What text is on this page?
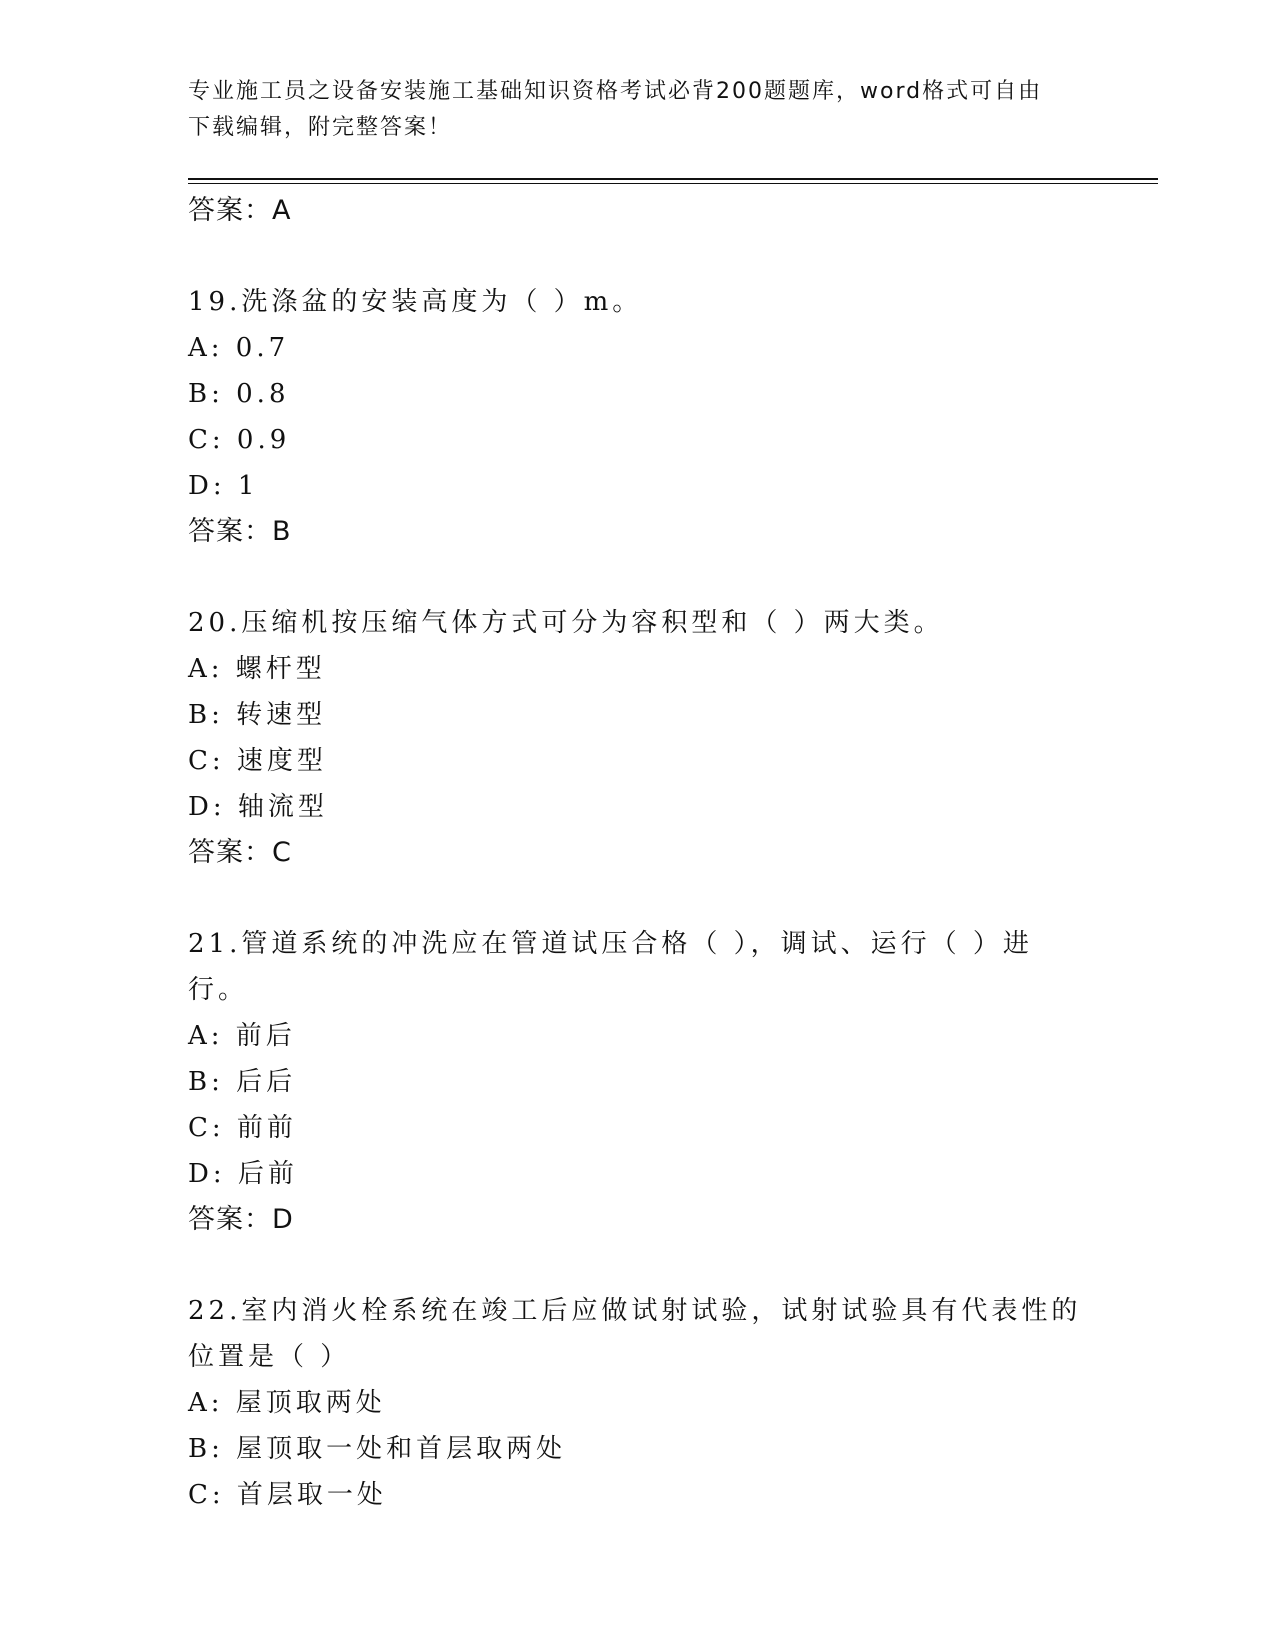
专业施工员之设备安装施工基础知识资格考试必背200题题库，word格式可自由
下载编辑，附完整答案！
答案：A
19.洗涤盆的安装高度为（ ）m。
A: 0.7
B: 0.8
C: 0.9
D: 1
答案：B
20.压缩机按压缩气体方式可分为容积型和（ ）两大类。
A: 螺杆型
B: 转速型
C: 速度型
D: 轴流型
答案：C
21.管道系统的冲洗应在管道试压合格（ ），调试、运行（ ）进行。
A: 前后
B: 后后
C: 前前
D: 后前
答案：D
22.室内消火栓系统在竣工后应做试射试验，试射试验具有代表性的位置是（ ）
A: 屋顶取两处
B: 屋顶取一处和首层取两处
C: 首层取一处
